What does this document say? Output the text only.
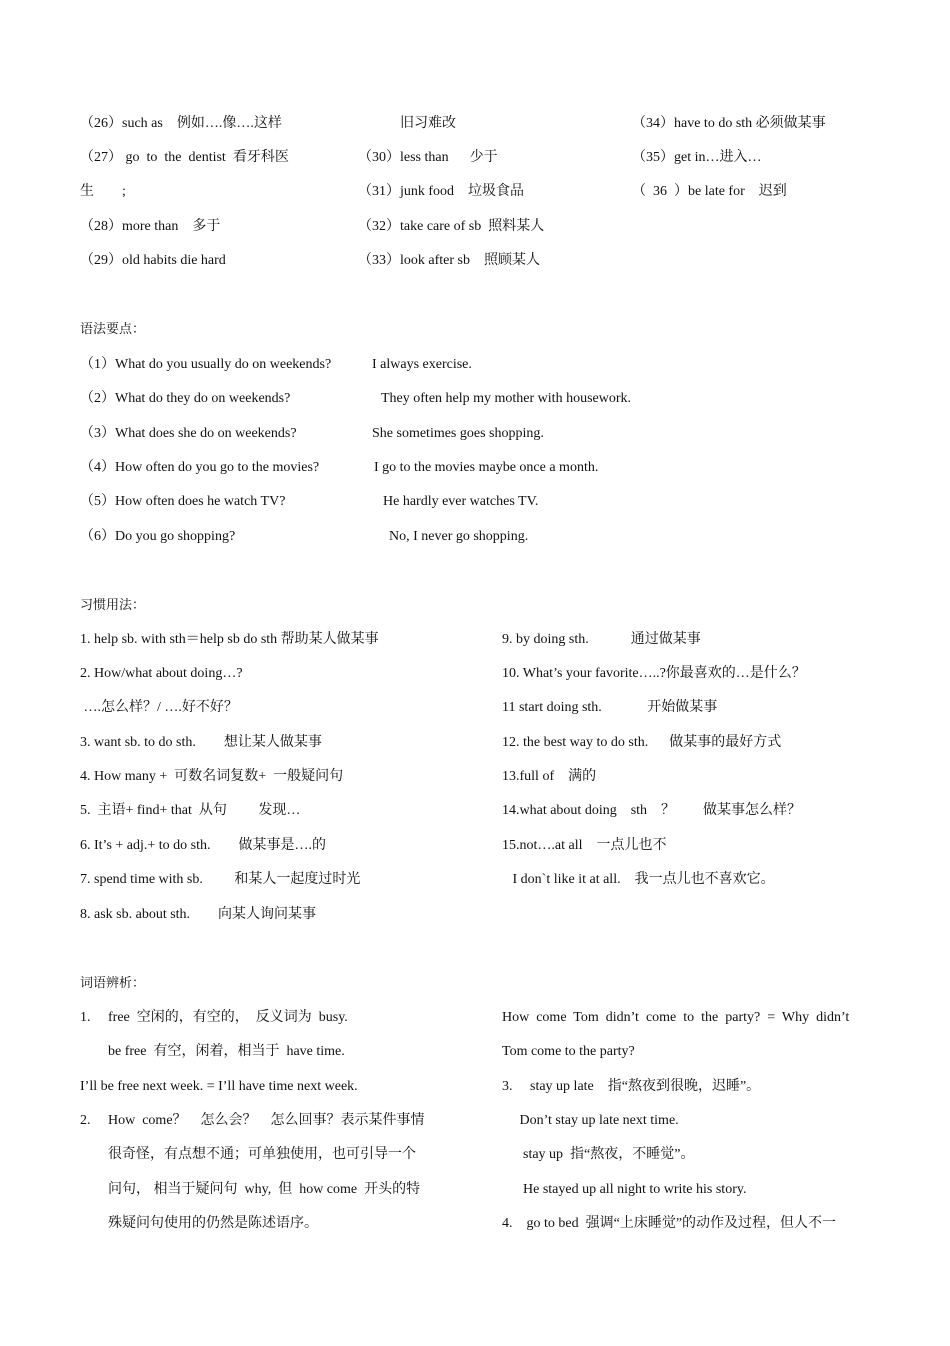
（26）such as　例如….像….这样
（27） go  to  the  dentist  看牙科医
生　　;
（28）more than　多于
（29）old habits die hard
旧习难改
（30）less than　  少于
（31）junk food　垃圾食品
（32）take care of sb  照料某人
（33）look after sb　照顾某人
（34）have to do sth 必须做某事
（35）get in…进入…
（  36  ）be late for　迟到
语法要点：
（1）What do you usually do on weekends?	I always exercise.
（2）What do they do on weekends?	They often help my mother with housework.
（3）What does she do on weekends?	She sometimes goes shopping.
（4）How often do you go to the movies?	I go to the movies maybe once a month.
（5）How often does he watch TV?	He hardly ever watches TV.
（6）Do you go shopping?	No, I never go shopping.
习惯用法：
1. help sb. with sth＝help sb do sth 帮助某人做某事
2. How/what about doing…?
….怎么样？/ ….好不好？
3. want sb. to do sth.　　想让某人做某事
4. How many +  可数名词复数+  一般疑问句
5.  主语+ find+ that  从句　　 发现…
6. It’s + adj.+ to do sth.　　做某事是….的
7. spend time with sb.　　 和某人一起度过时光
8. ask sb. about sth.　　向某人询问某事
9. by doing sth.　　　通过做某事
10. What’s your favorite…..?你最喜欢的…是什么？
11 start doing sth.　　　 开始做某事
12. the best way to do sth.　  做某事的最好方式
13.full of　满的
14.what about doing　sth　？　　做某事怎么样？
15.not….at all　一点儿也不
I don`t like it at all.　我一点儿也不喜欢它。
词语辨析：
1.　 free  空闲的，有空的，　反义词为  busy.
　　be free  有空，闲着，相当于  have time.
I’ll be free next week. = I’ll have time next week.
2.　 How  come？　怎么会？　怎么回事？表示某件事情
　　很奇怪，有点想不通；可单独使用，也可引导一个
　　问句， 相当于疑问句  why,  但  how come  开头的特
　　殊疑问句使用的仍然是陈述语序。
How  come  Tom  didn’t  come  to  the  party?  =  Why  didn’t
Tom come to the party?
3.　 stay up late　指“熬夜到很晚，迟睡”。
　 Don’t stay up late next time.
　  stay up  指“熬夜，不睡觉”。
　  He stayed up all night to write his story.
4.　go to bed  强调“上床睡觉”的动作及过程，但人不一
